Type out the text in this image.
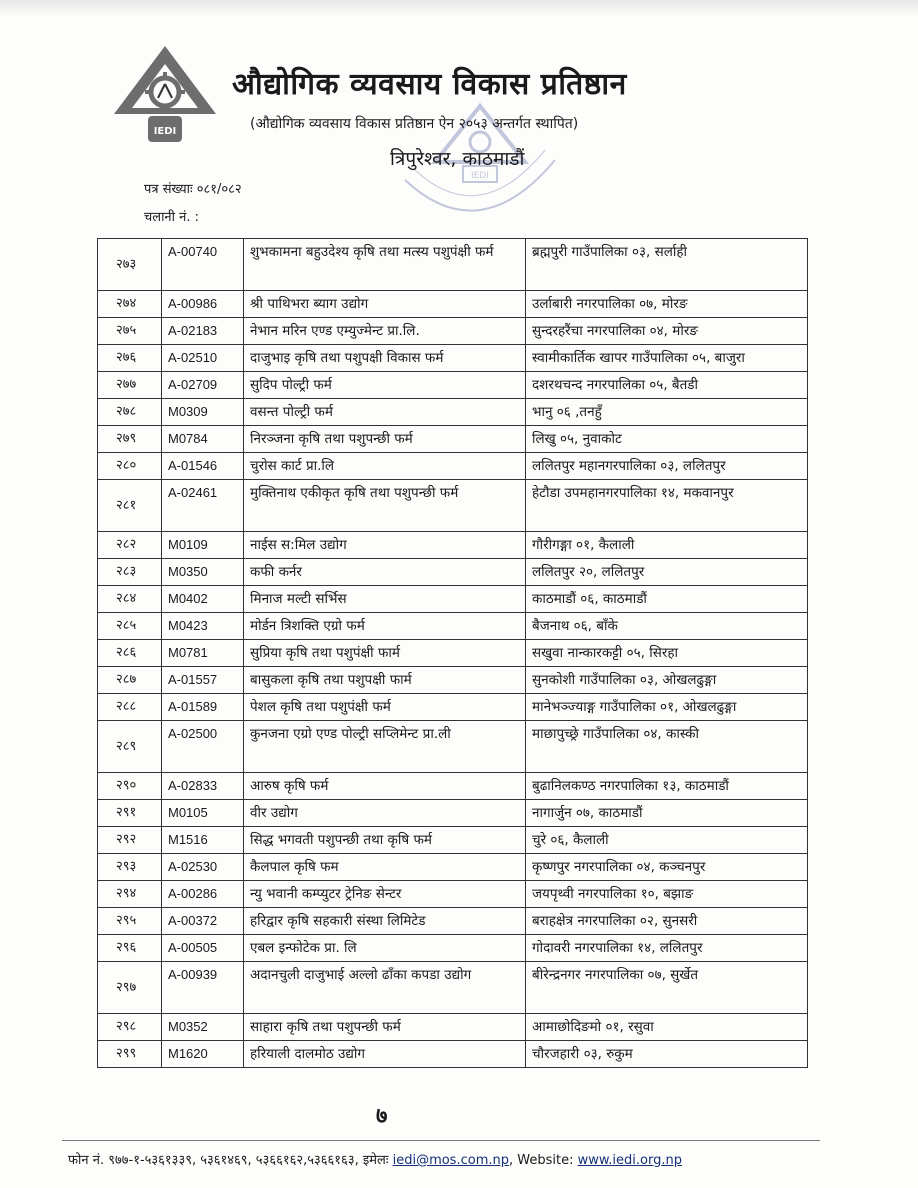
IEDI
IEDI
औद्योगिक व्यवसाय विकास प्रतिष्ठान
(औद्योगिक व्यवसाय विकास प्रतिष्ठान ऐन २०५३ अन्तर्गत स्थापित)
त्रिपुरेश्वर, काठमाडौं
पत्र संख्याः ०८१/०८२
चलानी नं. :
२७३	A-00740	शुभकामना बहुउदेश्य कृषि तथा मत्स्य पशुपंक्षी फर्म	ब्रह्मपुरी गाउँपालिका ०३, सर्लाही
२७४	A-00986	श्री पाथिभरा ब्याग उद्योग	उर्लाबारी नगरपालिका ०७, मोरङ
२७५	A-02183	नेभान मरिन एण्ड एम्युज्मेन्ट प्रा.लि.	सुन्दरहरैंचा नगरपालिका ०४, मोरङ
२७६	A-02510	दाजुभाइ कृषि तथा पशुपक्षी विकास फर्म	स्वामीकार्तिक खापर गाउँपालिका ०५, बाजुरा
२७७	A-02709	सुदिप पोल्ट्री फर्म	दशरथचन्द नगरपालिका ०५, बैतडी
२७८	M0309	वसन्त पोल्ट्री फर्म	भानु ०६ ,तनहुँ
२७९	M0784	निरञ्जना कृषि तथा पशुपन्छी फर्म	लिखु ०५, नुवाकोट
२८०	A-01546	चुरोस कार्ट प्रा.लि	ललितपुर महानगरपालिका ०३, ललितपुर
२८१	A-02461	मुक्तिनाथ एकीकृत कृषि तथा पशुपन्छी फर्म	हेटौडा उपमहानगरपालिका १४, मकवानपुर
२८२	M0109	नाईस स:मिल उद्योग	गौरीगङ्गा ०१, कैलाली
२८३	M0350	कफी कर्नर	ललितपुर २०, ललितपुर
२८४	M0402	मिनाज मल्टी सर्भिस	काठमाडौं ०६, काठमाडौं
२८५	M0423	मोर्डन त्रिशक्ति एग्रो फर्म	बैजनाथ ०६, बाँके
२८६	M0781	सुप्रिया कृषि तथा पशुपंक्षी फार्म	सखुवा नान्कारकट्टी ०५, सिरहा
२८७	A-01557	बासुकला कृषि तथा पशुपक्षी फार्म	सुनकोशी गाउँपालिका ०३, ओखलढुङ्गा
२८८	A-01589	पेशल कृषि तथा पशुपंक्षी फर्म	मानेभञ्ज्याङ्ग गाउँपालिका ०१, ओखलढुङ्गा
२८९	A-02500	कुनजना एग्रो एण्ड पोल्ट्री सप्लिमेन्ट प्रा.ली	माछापुच्छ्रे गाउँपालिका ०४, कास्की
२९०	A-02833	आरुष कृषि फर्म	बुढानिलकण्ठ नगरपालिका १३, काठमाडौं
२९१	M0105	वीर उद्योग	नागार्जुन ०७, काठमाडौं
२९२	M1516	सिद्ध भगवती पशुपन्छी तथा कृषि फर्म	चुरे ०६, कैलाली
२९३	A-02530	कैलपाल कृषि फम	कृष्णपुर नगरपालिका ०४, कञ्चनपुर
२९४	A-00286	न्यु भवानी कम्प्युटर ट्रेनिङ सेन्टर	जयपृथ्वी नगरपालिका १०, बझाङ
२९५	A-00372	हरिद्वार कृषि सहकारी संस्था लिमिटेड	बराहक्षेत्र नगरपालिका ०२, सुनसरी
२९६	A-00505	एबल इन्फोटेक प्रा. लि	गोदावरी नगरपालिका १४, ललितपुर
२९७	A-00939	अदानचुली दाजुभाई अल्लो ढाँका कपडा उद्योग	बीरेन्द्रनगर नगरपालिका ०७, सुर्खेत
२९८	M0352	साहारा कृषि तथा पशुपन्छी फर्म	आमाछोदिङमो ०१, रसुवा
२९९	M1620	हरियाली दालमोठ उद्योग	चौरजहारी ०३, रुकुम
७
फोन नं. ९७७-१-५३६१३३९, ५३६१४६९, ५३६६१६२,५३६६१६३, इमेलः iedi@mos.com.np, Website: www.iedi.org.np
